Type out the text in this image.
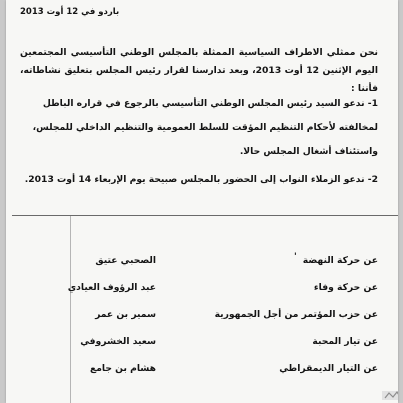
باردو في 12 أوت 2013

نحن ممثلي الاطراف السياسية الممثلة بالمجلس الوطني التأسيسي المجتمعين اليوم الإثنين 12 أوت 2013، وبعد تدارسنا لقرار رئيس المجلس بتعليق نشاطاته، فأننا :

1- ندعو السيد رئيس المجلس الوطني التأسيسي بالرجوع في قراره الباطل لمخالفته لأحكام التنظيم المؤقت للسلط العمومية والتنظيم الداخلي للمجلس، واستئناف أشغال المجلس حالا.
2- ندعو الزملاء النواب إلى الحضور بالمجلس صبيحة يوم الإربعاء 14 أوت 2013.
عن حركة النهضة
الصحبي عتيق
عن حركة وفاء
عبد الرؤوف العيادي
عن حزب المؤتمر من أجل الجمهورية
سمير بن عمر
عن تيار المحبة
سعيد الخشروفي
عن التيار الديمقراطي
هشام بن جامع
'
